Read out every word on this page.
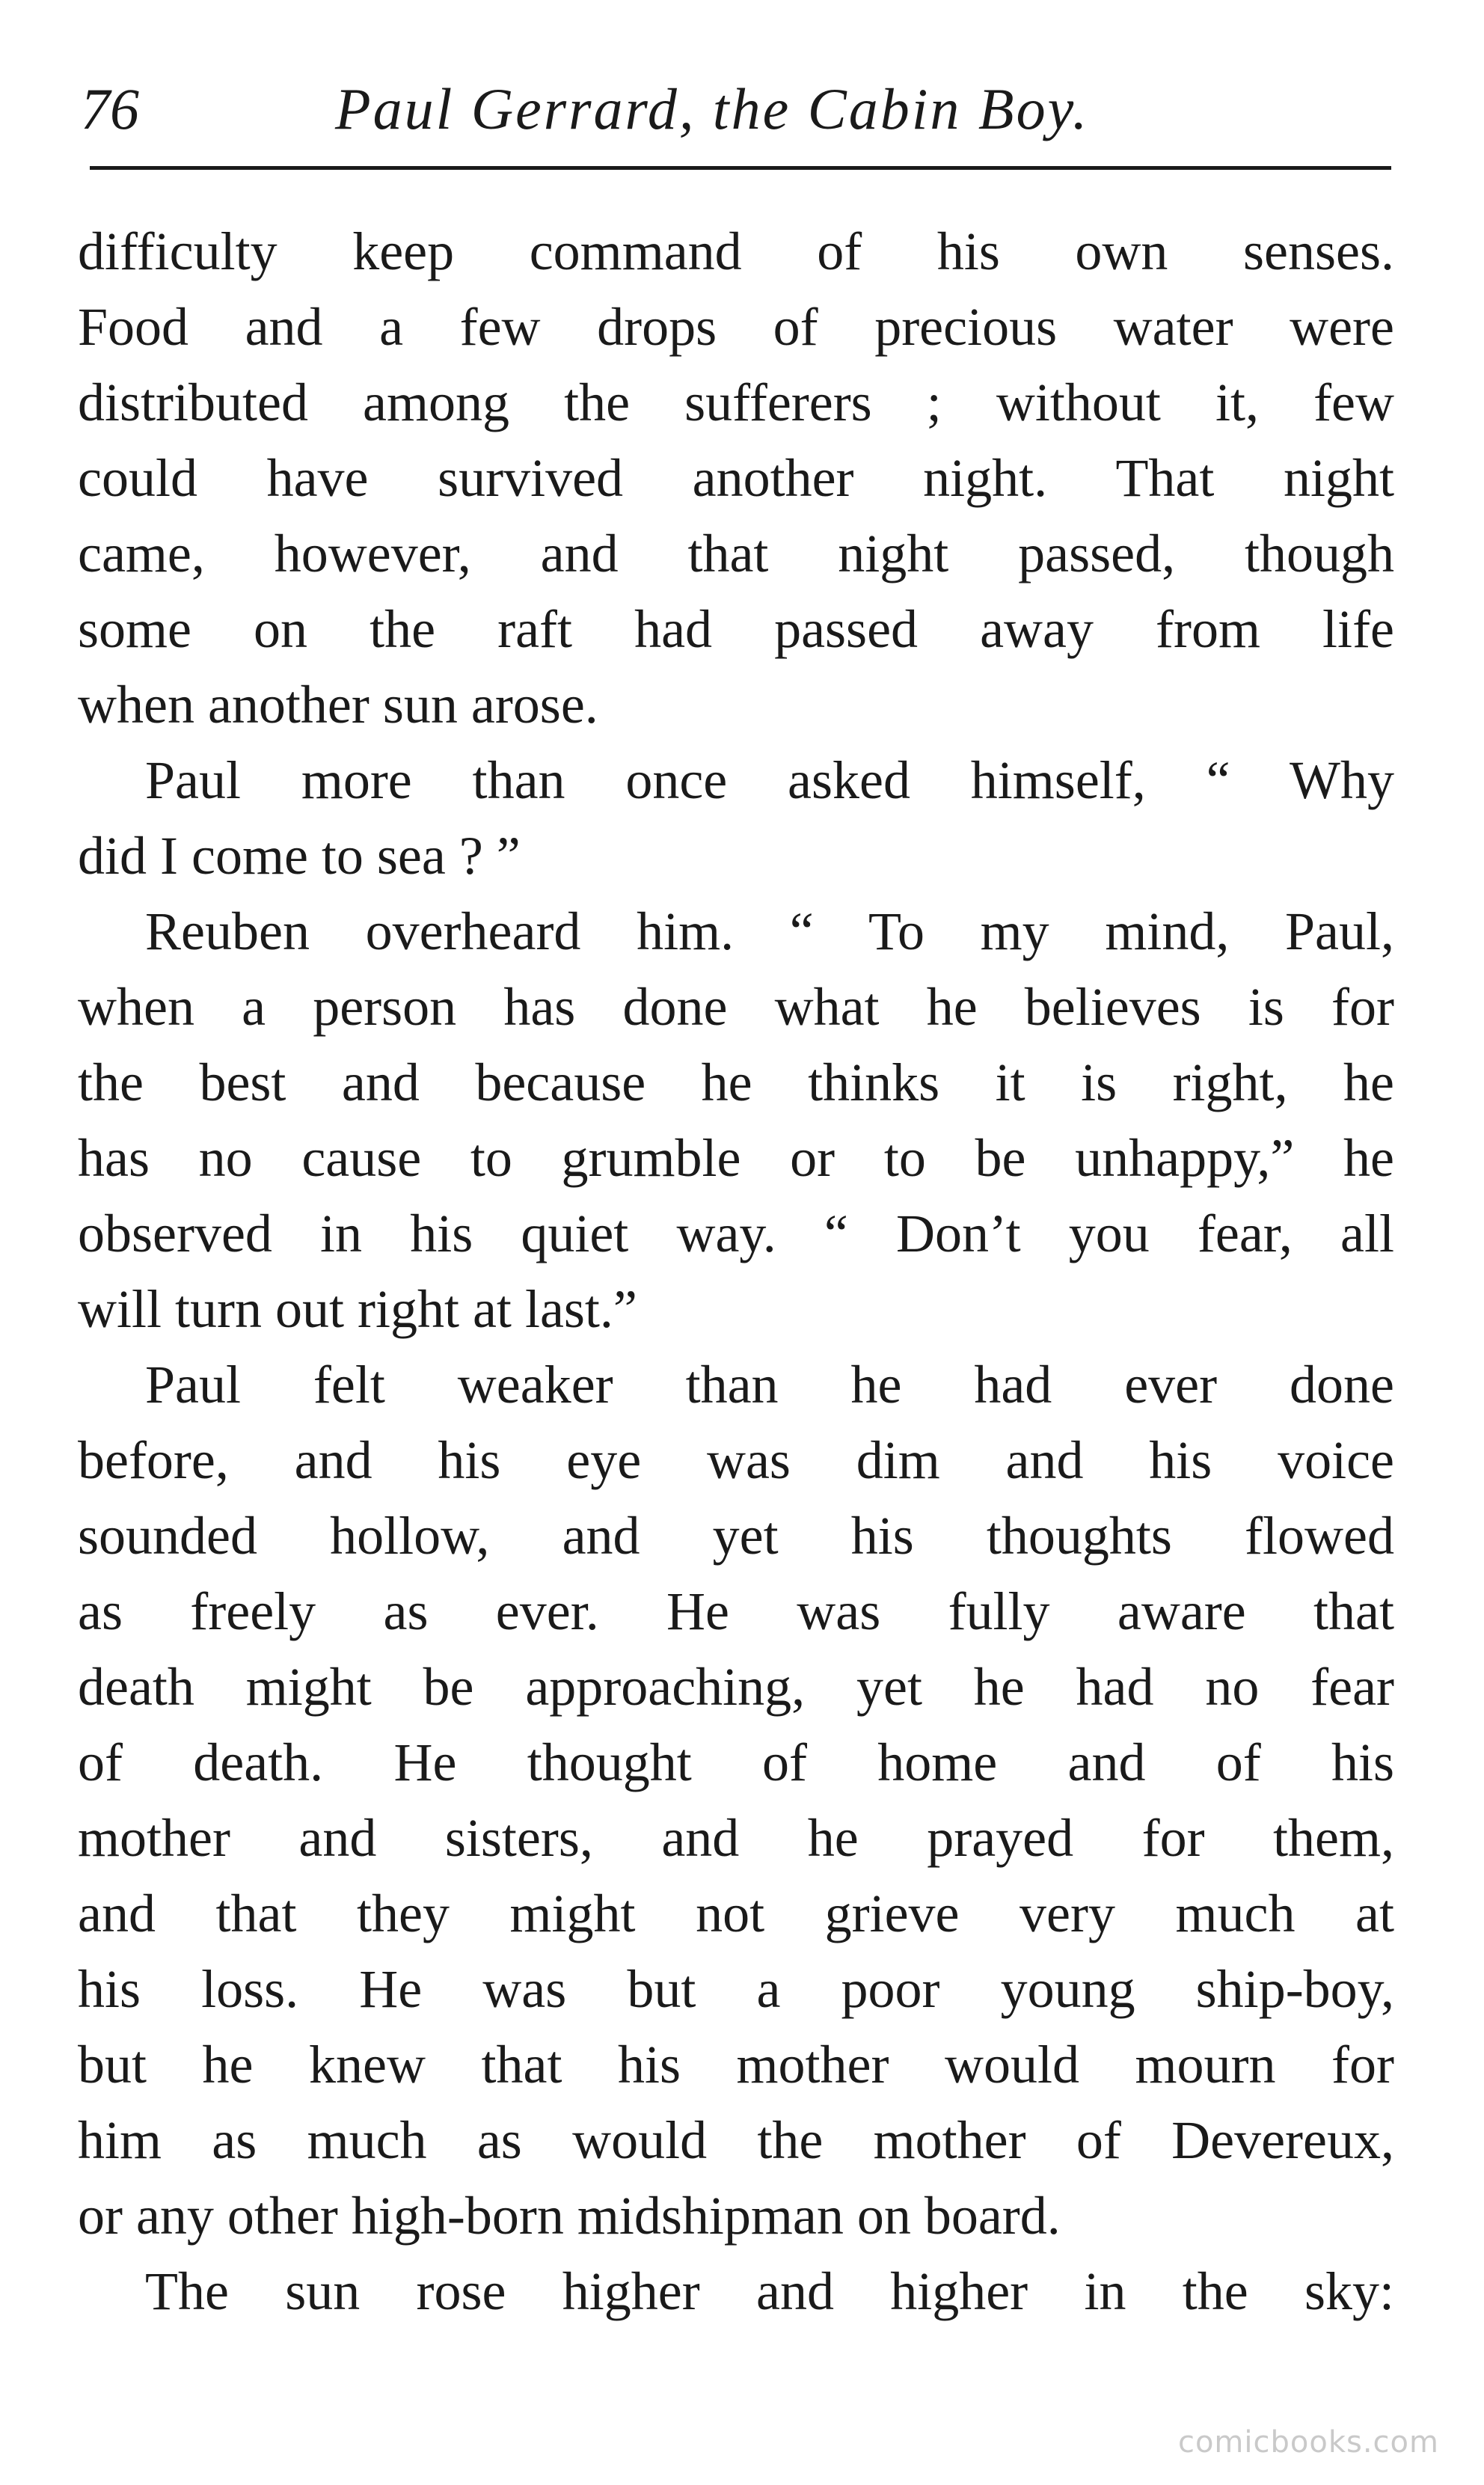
76	Paul Gerrard, the Cabin Boy.
difficulty keep command of his own senses.
Food and a few drops of precious water were
distributed among the sufferers ; without it, few
could have survived another night. That night
came, however, and that night passed, though
some on the raft had passed away from life
when another sun arose.
Paul more than once asked himself, “ Why
did I come to sea ? ”
Reuben overheard him. “ To my mind, Paul,
when a person has done what he believes is for
the best and because he thinks it is right, he
has no cause to grumble or to be unhappy,” he
observed in his quiet way. “ Don’t you fear, all
will turn out right at last.”
Paul felt weaker than he had ever done
before, and his eye was dim and his voice
sounded hollow, and yet his thoughts flowed
as freely as ever. He was fully aware that
death might be approaching, yet he had no fear
of death. He thought of home and of his
mother and sisters, and he prayed for them,
and that they might not grieve very much at
his loss. He was but a poor young ship-boy,
but he knew that his mother would mourn for
him as much as would the mother of Devereux,
or any other high-born midshipman on board.
The sun rose higher and higher in the sky:
comicbooks.com
